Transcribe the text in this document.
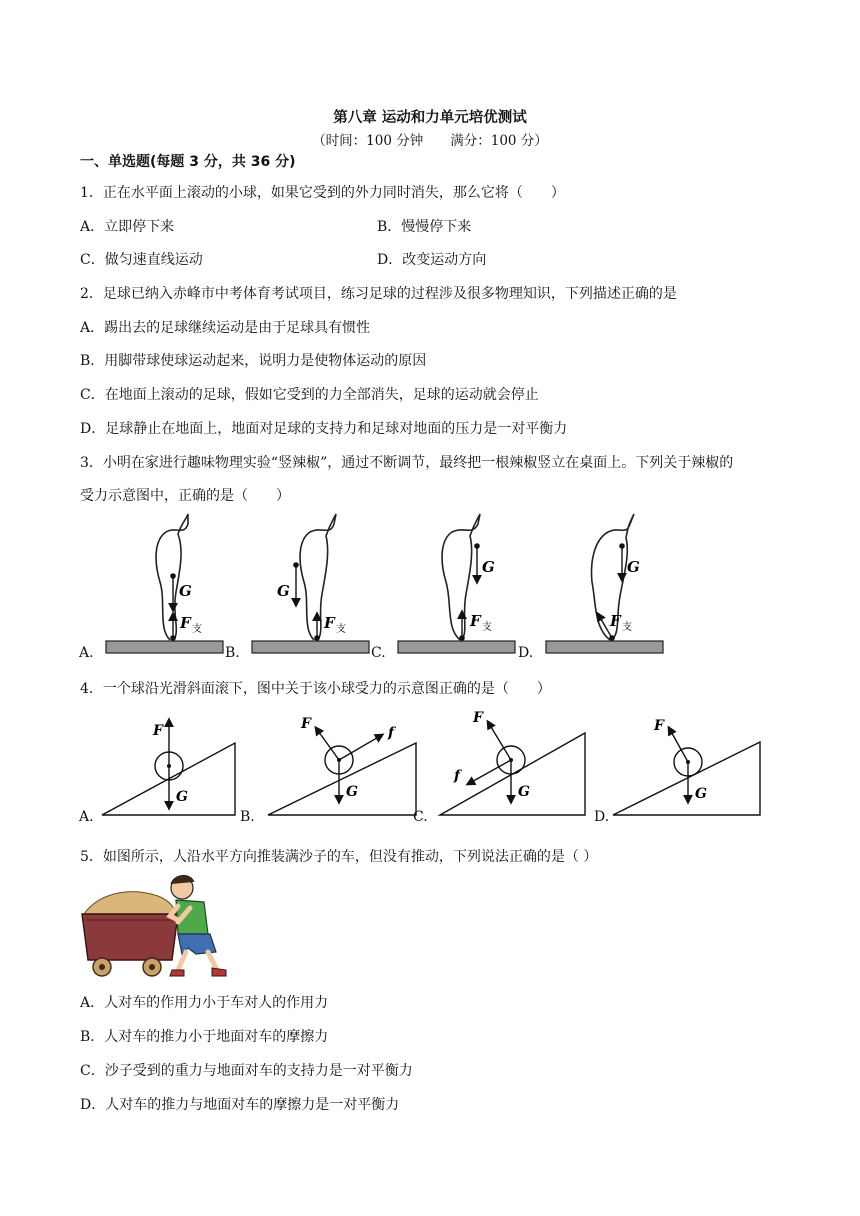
第八章 运动和力单元培优测试
（时间：100 分钟　　满分：100 分）
一、单选题(每题 3 分，共 36 分)
1．正在水平面上滚动的小球，如果它受到的外力同时消失，那么它将（　　）
A．立即停下来	B．慢慢停下来
C．做匀速直线运动	D．改变运动方向
2．足球已纳入赤峰市中考体育考试项目，练习足球的过程涉及很多物理知识，下列描述正确的是
A．踢出去的足球继续运动是由于足球具有惯性
B．用脚带球使球运动起来，说明力是使物体运动的原因
C．在地面上滚动的足球，假如它受到的力全部消失，足球的运动就会停止
D．足球静止在地面上，地面对足球的支持力和足球对地面的压力是一对平衡力
3．小明在家进行趣味物理实验“竖辣椒”，通过不断调节，最终把一根辣椒竖立在桌面上。下列关于辣椒的
受力示意图中，正确的是（　　）
A.	B.	C.	D.
G
F 支
G
F 支
G
F 支
G
F 支
4．一个球沿光滑斜面滚下，图中关于该小球受力的示意图正确的是（　　）
A.	B.	C.	D.
F
G
F
f
G
F
f
G
F
G
5．如图所示，人沿水平方向推装满沙子的车，但没有推动，下列说法正确的是（ ）
A．人对车的作用力小于车对人的作用力
B．人对车的推力小于地面对车的摩擦力
C．沙子受到的重力与地面对车的支持力是一对平衡力
D．人对车的推力与地面对车的摩擦力是一对平衡力
